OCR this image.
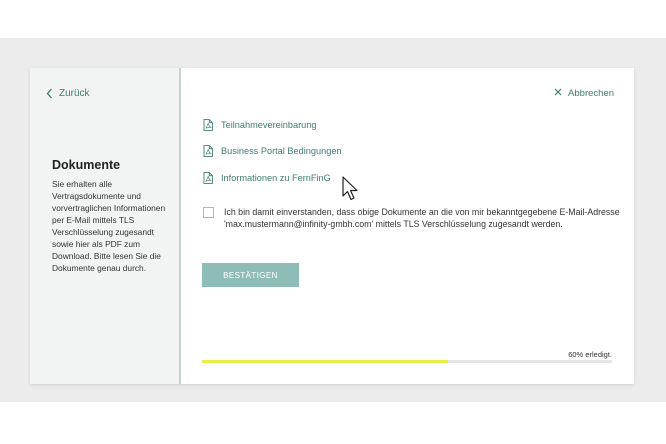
Zurück
Dokumente
Sie erhalten alle Vertragsdokumente und vorvertraglichen Informationen per E-Mail mittels TLS Verschlüsselung zugesandt sowie hier als PDF zum Download. Bitte lesen Sie die Dokumente genau durch.
Abbrechen
Teilnahmevereinbarung
Business Portal Bedingungen
Informationen zu FernFinG
Ich bin damit einverstanden, dass obige Dokumente an die von mir bekanntgegebene E-Mail-Adresse 'max.mustermann@infinity-gmbh.com' mittels TLS Verschlüsselung zugesandt werden.
BESTÄTIGEN
60% erledigt.
